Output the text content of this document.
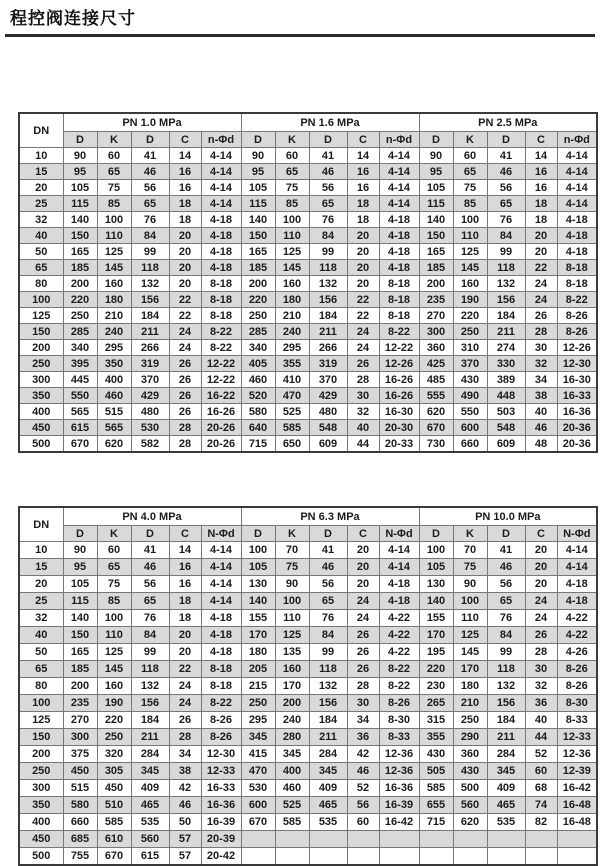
程控阀连接尺寸
DN	PN 1.0 MPa					PN 1.6 MPa					PN 2.5 MPa				
	D	K	D	C	n-Φd	D	K	D	C	n-Φd	D	K	D	C	n-Φd
10	90	60	41	14	4-14	90	60	41	14	4-14	90	60	41	14	4-14
15	95	65	46	16	4-14	95	65	46	16	4-14	95	65	46	16	4-14
20	105	75	56	16	4-14	105	75	56	16	4-14	105	75	56	16	4-14
25	115	85	65	18	4-14	115	85	65	18	4-14	115	85	65	18	4-14
32	140	100	76	18	4-18	140	100	76	18	4-18	140	100	76	18	4-18
40	150	110	84	20	4-18	150	110	84	20	4-18	150	110	84	20	4-18
50	165	125	99	20	4-18	165	125	99	20	4-18	165	125	99	20	4-18
65	185	145	118	20	4-18	185	145	118	20	4-18	185	145	118	22	8-18
80	200	160	132	20	8-18	200	160	132	20	8-18	200	160	132	24	8-18
100	220	180	156	22	8-18	220	180	156	22	8-18	235	190	156	24	8-22
125	250	210	184	22	8-18	250	210	184	22	8-18	270	220	184	26	8-26
150	285	240	211	24	8-22	285	240	211	24	8-22	300	250	211	28	8-26
200	340	295	266	24	8-22	340	295	266	24	12-22	360	310	274	30	12-26
250	395	350	319	26	12-22	405	355	319	26	12-26	425	370	330	32	12-30
300	445	400	370	26	12-22	460	410	370	28	16-26	485	430	389	34	16-30
350	550	460	429	26	16-22	520	470	429	30	16-26	555	490	448	38	16-33
400	565	515	480	26	16-26	580	525	480	32	16-30	620	550	503	40	16-36
450	615	565	530	28	20-26	640	585	548	40	20-30	670	600	548	46	20-36
500	670	620	582	28	20-26	715	650	609	44	20-33	730	660	609	48	20-36
DN	PN 4.0 MPa					PN 6.3 MPa					PN 10.0 MPa				
	D	K	D	C	N-Φd	D	K	D	C	N-Φd	D	K	D	C	N-Φd
10	90	60	41	14	4-14	100	70	41	20	4-14	100	70	41	20	4-14
15	95	65	46	16	4-14	105	75	46	20	4-14	105	75	46	20	4-14
20	105	75	56	16	4-14	130	90	56	20	4-18	130	90	56	20	4-18
25	115	85	65	18	4-14	140	100	65	24	4-18	140	100	65	24	4-18
32	140	100	76	18	4-18	155	110	76	24	4-22	155	110	76	24	4-22
40	150	110	84	20	4-18	170	125	84	26	4-22	170	125	84	26	4-22
50	165	125	99	20	4-18	180	135	99	26	4-22	195	145	99	28	4-26
65	185	145	118	22	8-18	205	160	118	26	8-22	220	170	118	30	8-26
80	200	160	132	24	8-18	215	170	132	28	8-22	230	180	132	32	8-26
100	235	190	156	24	8-22	250	200	156	30	8-26	265	210	156	36	8-30
125	270	220	184	26	8-26	295	240	184	34	8-30	315	250	184	40	8-33
150	300	250	211	28	8-26	345	280	211	36	8-33	355	290	211	44	12-33
200	375	320	284	34	12-30	415	345	284	42	12-36	430	360	284	52	12-36
250	450	305	345	38	12-33	470	400	345	46	12-36	505	430	345	60	12-39
300	515	450	409	42	16-33	530	460	409	52	16-36	585	500	409	68	16-42
350	580	510	465	46	16-36	600	525	465	56	16-39	655	560	465	74	16-48
400	660	585	535	50	16-39	670	585	535	60	16-42	715	620	535	82	16-48
450	685	610	560	57	20-39										
500	755	670	615	57	20-42										
